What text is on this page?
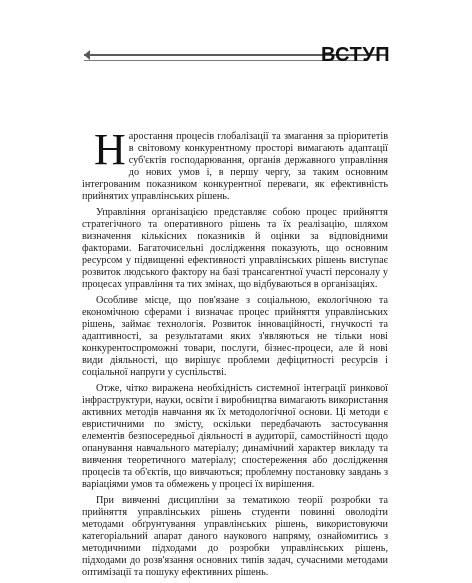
ВСТУП

Наростання процесів глобалізації та змагання за пріоритетів в світовому конкурентному просторі вимагають адаптації суб'єктів господарювання, органів державного управління до нових умов і, в першу чергу, за таким основним інтегрованим показником конкурентної переваги, як ефективність прийнятих управлінських рішень.

Управління організацією представляє собою процес прийняття стратегічного та оперативного рішень та їх реалізацію, шляхом визначення кількісних показників й оцінки за відповідними факторами. Багаточисельні дослідження показують, що основним ресурсом у підвищенні ефективності управлінських рішень виступає розвиток людського фактору на базі трансагентної участі персоналу у процесах управління та тих змінах, що відбуваються в організаціях.

Особливе місце, що пов'язане з соціальною, екологічною та економічною сферами і визначає процес прийняття управлінських рішень, займає технологія. Розвиток інноваційності, гнучкості та адаптивності, за результатами яких з'являються не тільки нові конкурентоспроможні товари, послуги, бізнес-процеси, але й нові види діяльності, що вирішує проблеми дефіцитності ресурсів і соціальної напруги у суспільстві.

Отже, чітко виражена необхідність системної інтеграції ринкової інфраструктури, науки, освіти і виробництва вимагають використання активних методів навчання як їх методологічної основи. Ці методи є евристичними по змісту, оскільки передбачають застосування елементів безпосередньої діяльності в аудиторії, самостійності щодо опанування навчального матеріалу; динамічний характер викладу та вивчення теоретичного матеріалу; спостереження або дослідження процесів та об'єктів, що вивчаються; проблемну постановку завдань з варіаціями умов та обмежень у процесі їх вирішення.

При вивченні дисципліни за тематикою теорії розробки та прийняття управлінських рішень студенти повинні оволодіти методами обґрунтування управлінських рішень, використовуючи категоріальний апарат даного наукового напряму, ознайомитись з методичними підходами до розробки управлінських рішень, підходами до розв'язання основних типів задач, сучасними методами оптимізації та пошуку ефективних рішень.
